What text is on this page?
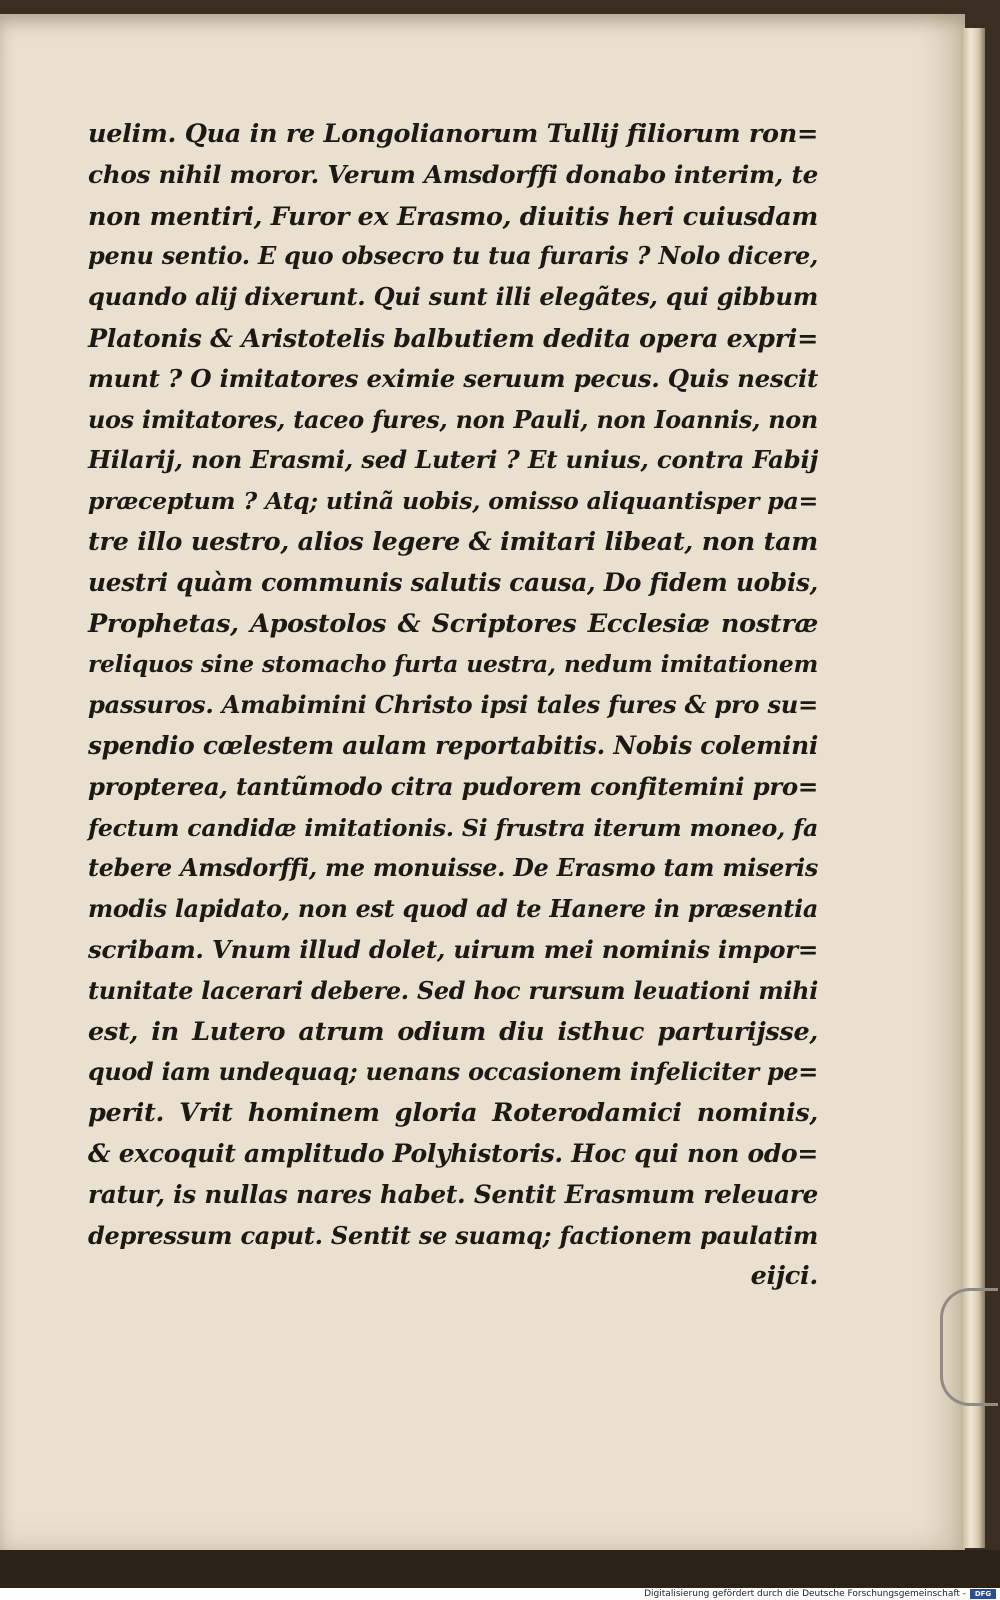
uelim. Qua in re Longolianorum Tullij filiorum ron=
chos nihil moror. Verum Amsdorffi donabo interim, te
non mentiri, Furor ex Erasmo, diuitis heri cuiusdam
penu sentio. E quo obsecro tu tua furaris ? Nolo dicere,
quando alij dixerunt. Qui sunt illi elegãtes, qui gibbum
Platonis & Aristotelis balbutiem dedita opera expri=
munt ? O imitatores eximie seruum pecus. Quis nescit
uos imitatores, taceo fures, non Pauli, non Ioannis, non
Hilarij, non Erasmi, sed Luteri ? Et unius, contra Fabij
præceptum ? Atq; utinã uobis, omisso aliquantisper pa=
tre illo uestro, alios legere & imitari libeat, non tam
uestri quàm communis salutis causa, Do fidem uobis,
Prophetas, Apostolos & Scriptores Ecclesiæ nostræ
reliquos sine stomacho furta uestra, nedum imitationem
passuros. Amabimini Christo ipsi tales fures & pro su=
spendio cœlestem aulam reportabitis. Nobis colemini
propterea, tantũmodo citra pudorem confitemini pro=
fectum candidæ imitationis. Si frustra iterum moneo, fa
tebere Amsdorffi, me monuisse. De Erasmo tam miseris
modis lapidato, non est quod ad te Hanere in præsentia
scribam. Vnum illud dolet, uirum mei nominis impor=
tunitate lacerari debere. Sed hoc rursum leuationi mihi
est, in Lutero atrum odium diu isthuc parturijsse,
quod iam undequaq; uenans occasionem infeliciter pe=
perit. Vrit hominem gloria Roterodamici nominis,
& excoquit amplitudo Polyhistoris. Hoc qui non odo=
ratur, is nullas nares habet. Sentit Erasmum releuare
depressum caput. Sentit se suamq; factionem paulatim
eijci.
Digitalisierung gefördert durch die Deutsche Forschungsgemeinschaft -	DFG
